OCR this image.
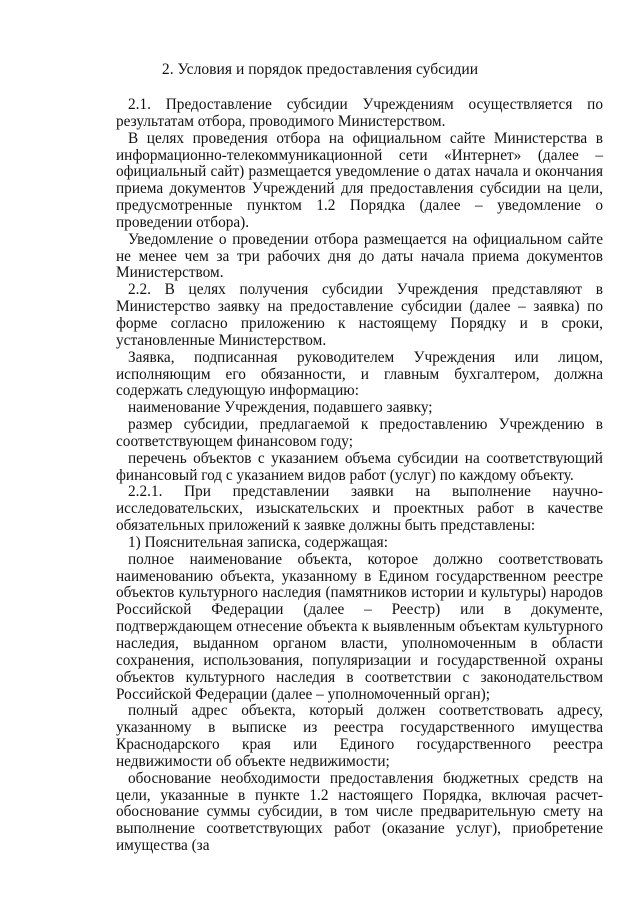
2. Условия и порядок предоставления субсидии

2.1. Предоставление субсидии Учреждениям осуществляется по результатам отбора, проводимого Министерством.

В целях проведения отбора на официальном сайте Министерства в информационно-телекоммуникационной сети «Интернет» (далее – официальный сайт) размещается уведомление о датах начала и окончания приема документов Учреждений для предоставления субсидии на цели, предусмотренные пунктом 1.2 Порядка (далее – уведомление о проведении отбора).

Уведомление о проведении отбора размещается на официальном сайте не менее чем за три рабочих дня до даты начала приема документов Министерством.

2.2. В целях получения субсидии Учреждения представляют в Министерство заявку на предоставление субсидии (далее – заявка) по форме согласно приложению к настоящему Порядку и в сроки, установленные Министерством.

Заявка, подписанная руководителем Учреждения или лицом, исполняющим его обязанности, и главным бухгалтером, должна содержать следующую информацию:

наименование Учреждения, подавшего заявку;

размер субсидии, предлагаемой к предоставлению Учреждению в соответствующем финансовом году;

перечень объектов с указанием объема субсидии на соответствующий финансовый год с указанием видов работ (услуг) по каждому объекту.

2.2.1. При представлении заявки на выполнение научно-исследовательских, изыскательских и проектных работ в качестве обязательных приложений к заявке должны быть представлены:

1) Пояснительная записка, содержащая:

полное наименование объекта, которое должно соответствовать наименованию объекта, указанному в Едином государственном реестре объектов культурного наследия (памятников истории и культуры) народов Российской Федерации (далее – Реестр) или в документе, подтверждающем отнесение объекта к выявленным объектам культурного наследия, выданном органом власти, уполномоченным в области сохранения, использования, популяризации и государственной охраны объектов культурного наследия в соответствии с законодательством Российской Федерации (далее – уполномоченный орган);

полный адрес объекта, который должен соответствовать адресу, указанному в выписке из реестра государственного имущества Краснодарского края или Единого государственного реестра недвижимости об объекте недвижимости;

обоснование необходимости предоставления бюджетных средств на цели, указанные в пункте 1.2 настоящего Порядка, включая расчет-обоснование суммы субсидии, в том числе предварительную смету на выполнение соответствующих работ (оказание услуг), приобретение имущества (за
